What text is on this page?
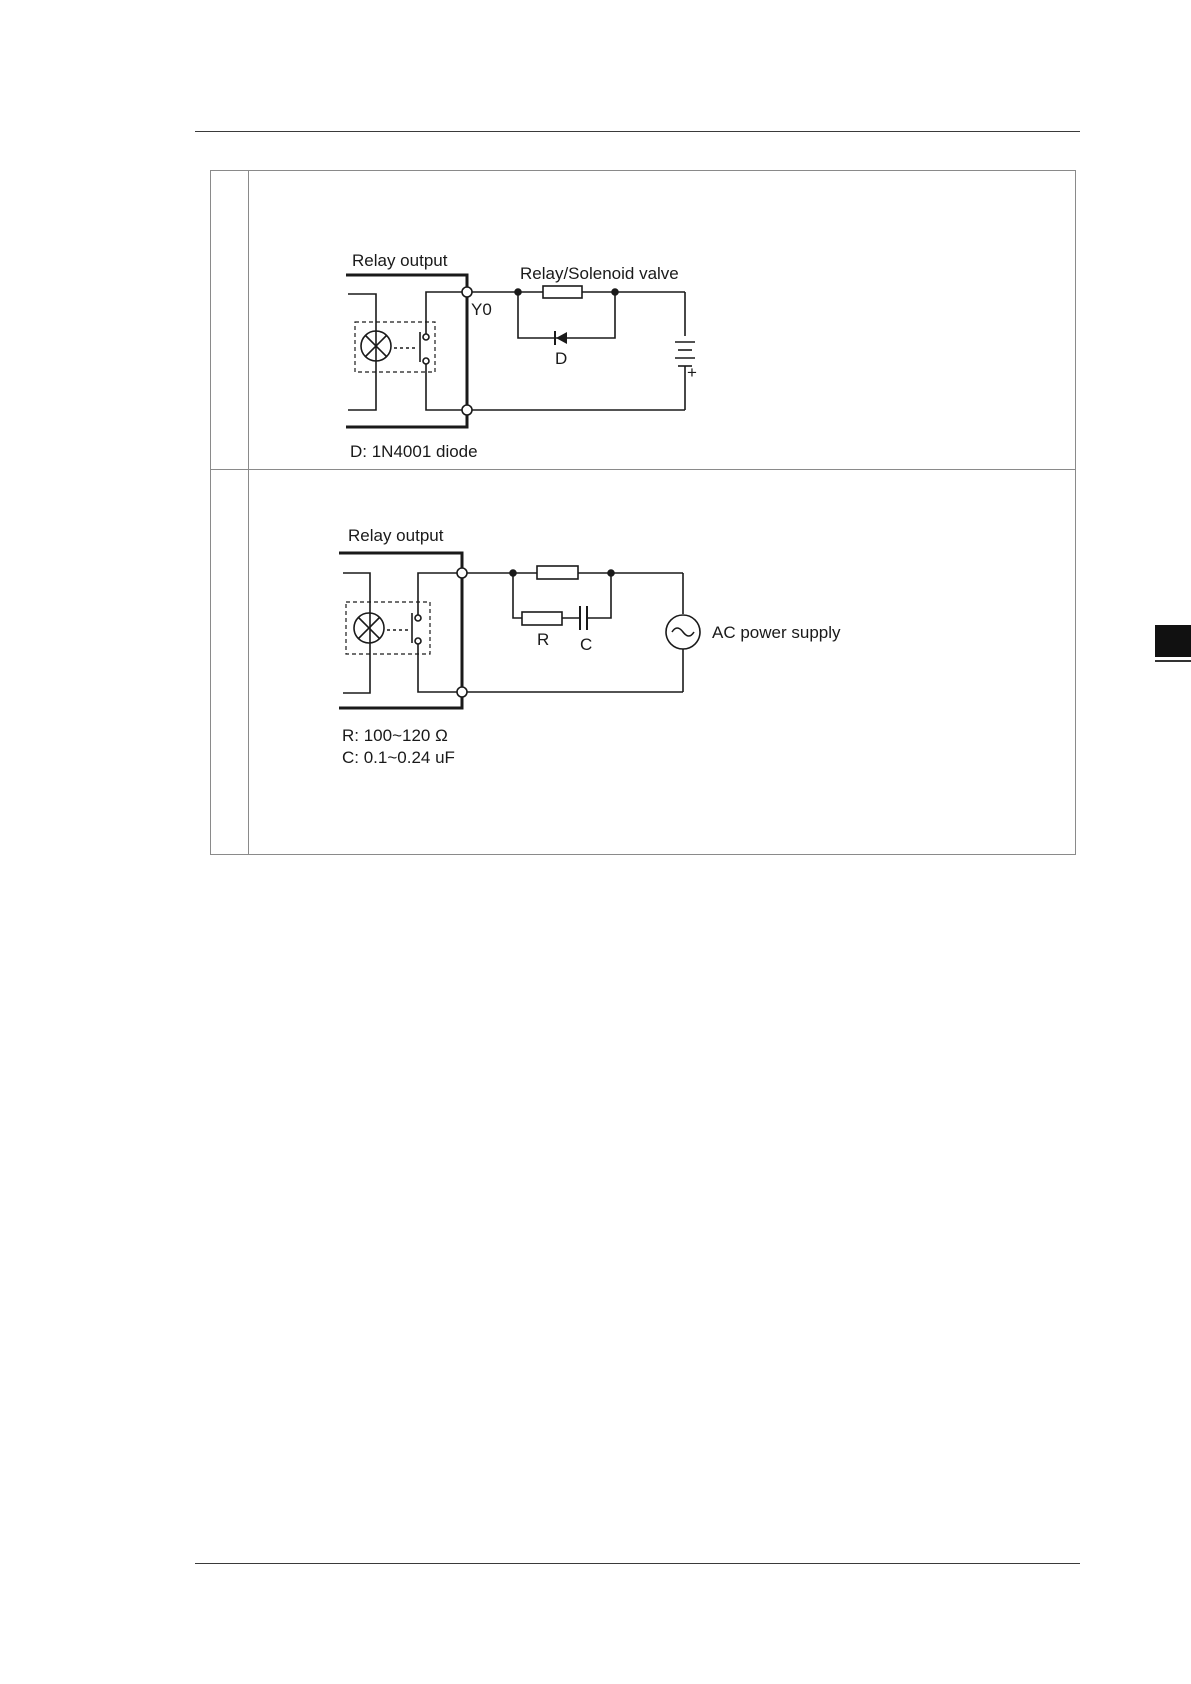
Relay output
Relay/Solenoid valve
Y0
D
+
D: 1N4001 diode
Relay output
R C
AC power supply
R: 100~120 Ω
C: 0.1~0.24 uF
